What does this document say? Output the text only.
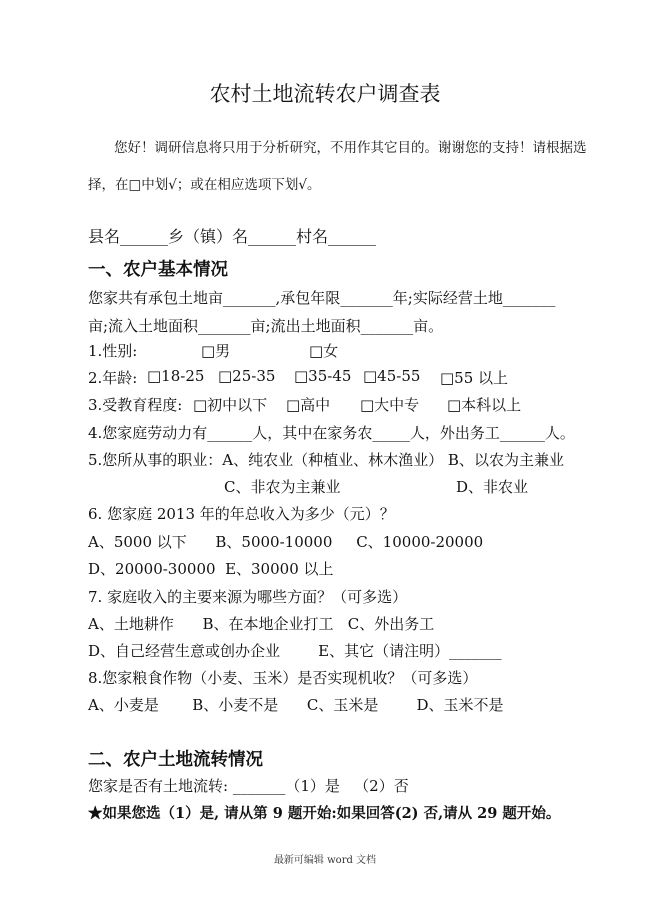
农村土地流转农户调查表
您好！调研信息将只用于分析研究，不用作其它目的。谢谢您的支持！请根据选
择，在□中划√；或在相应选项下划√。
县名______乡（镇）名______村名______
一、农户基本情况
您家共有承包土地亩_______,承包年限_______年;实际经营土地_______
亩;流入土地面积_______亩;流出土地面积_______亩。
1.性别:	□男	□女
2.年龄: □18-25 □25-35 □35-45 □45-55 □55 以上
3.受教育程度: □初中以下 □高中 □大中专 □本科以上
4.您家庭劳动力有______人，其中在家务农_____人，外出务工______人。
5.您所从事的职业：A、纯农业（种植业、林木渔业） B、以农为主兼业
C、非农为主兼业	D、非农业
6. 您家庭 2013 年的年总收入为多少（元）？
A、5000 以下      B、5000-10000     C、10000-20000
D、20000-30000  E、30000 以上
7. 家庭收入的主要来源为哪些方面？（可多选）
A、土地耕作      B、在本地企业打工   C、外出务工
D、自己经营生意或创办企业        E、其它（请注明）_______
8.您家粮食作物（小麦、玉米）是否实现机收？（可多选）
A、小麦是       B、小麦不是      C、玉米是        D、玉米不是
二、农户土地流转情况
您家是否有土地流转: _______（1）是   （2）否
★如果您选（1）是, 请从第 9 题开始:如果回答(2) 否,请从 29 题开始。
最新可编辑 word 文档
